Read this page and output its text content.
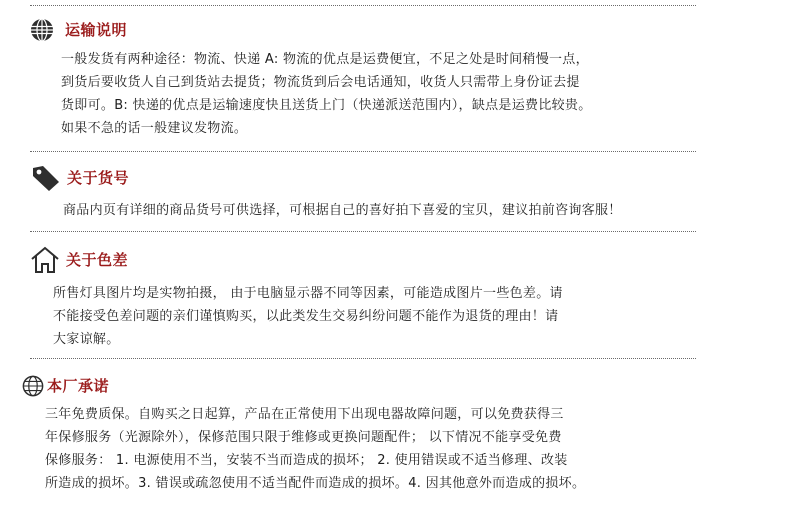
运输说明
一般发货有两种途径：物流、快递 A: 物流的优点是运费便宜，不足之处是时间稍慢一点，
到货后要收货人自己到货站去提货；物流货到后会电话通知，收货人只需带上身份证去提
货即可。B: 快递的优点是运输速度快且送货上门（快递派送范围内），缺点是运费比较贵。
如果不急的话一般建议发物流。
关于货号
商品内页有详细的商品货号可供选择，可根据自己的喜好拍下喜爱的宝贝，建议拍前咨询客服！
关于色差
所售灯具图片均是实物拍摄， 由于电脑显示器不同等因素，可能造成图片一些色差。请
不能接受色差问题的亲们谨慎购买，以此类发生交易纠纷问题不能作为退货的理由！请
大家谅解。
本厂承诺
三年免费质保。自购买之日起算，产品在正常使用下出现电器故障问题，可以免费获得三
年保修服务（光源除外），保修范围只限于维修或更换问题配件； 以下情况不能享受免费
保修服务： 1. 电源使用不当，安装不当而造成的损坏； 2. 使用错误或不适当修理、改装
所造成的损坏。3. 错误或疏忽使用不适当配件而造成的损坏。4. 因其他意外而造成的损坏。
